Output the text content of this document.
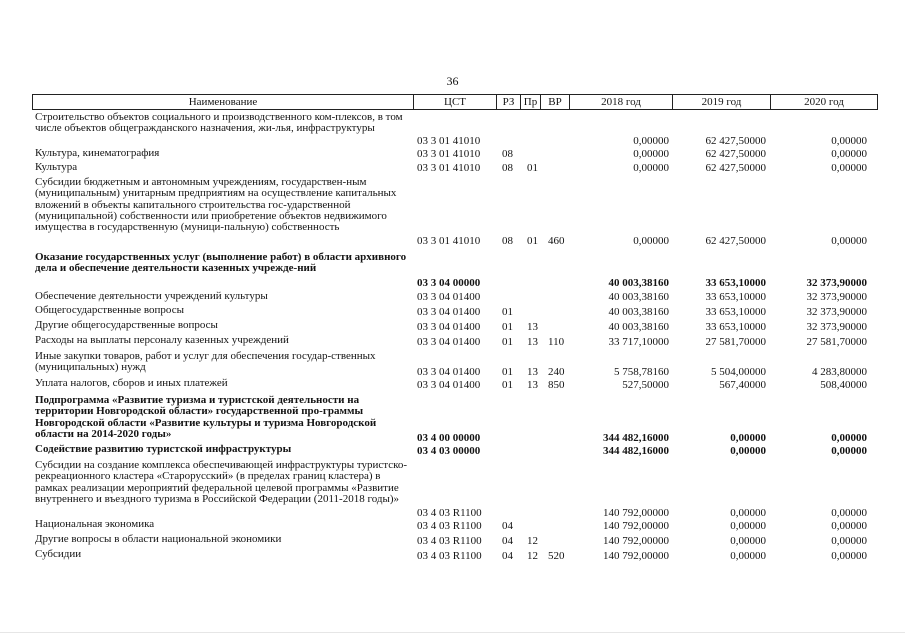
36
Наименование	ЦСТ	РЗ Пр	ВР	2018 год	2019 год	2020 год
Строительство объектов социального и производственного ком-плексов, в том числе объектов общегражданского назначения, жи-лья, инфраструктуры
03 3 01 41010	0,00000	62 427,50000	0,00000
Культура, кинематография	03 3 01 41010 08	0,00000	62 427,50000	0,00000
Культура	03 3 01 41010 08 01	0,00000	62 427,50000	0,00000
Субсидии бюджетным и автономным учреждениям, государствен-ным (муниципальным) унитарным предприятиям на осуществление капитальных вложений в объекты капитального строительства гос-ударственной (муниципальной) собственности или приобретение объектов недвижимого имущества в государственную (муници-пальную) собственность
03 3 01 41010 08 01 460	0,00000	62 427,50000	0,00000
Оказание государственных услуг (выполнение работ) в области архивного дела и обеспечение деятельности казенных учрежде-ний
03 3 04 00000	40 003,38160	33 653,10000	32 373,90000
Обеспечение деятельности учреждений культуры	03 3 04 01400	40 003,38160	33 653,10000	32 373,90000
Общегосударственные вопросы	03 3 04 01400 01	40 003,38160	33 653,10000	32 373,90000
Другие общегосударственные вопросы	03 3 04 01400 01 13	40 003,38160	33 653,10000	32 373,90000
Расходы на выплаты персоналу казенных учреждений	03 3 04 01400 01 13 110	33 717,10000	27 581,70000	27 581,70000
Иные закупки товаров, работ и услуг для обеспечения государ-ственных (муниципальных) нужд	03 3 04 01400 01 13 240	5 758,78160	5 504,00000	4 283,80000
Уплата налогов, сборов и иных платежей	03 3 04 01400 01 13 850	527,50000	567,40000	508,40000
Подпрограмма «Развитие туризма и туристской деятельности на территории Новгородской области» государственной про-граммы Новгородской области «Развитие культуры и туризма Новгородской области на 2014-2020 годы»	03 4 00 00000	344 482,16000	0,00000	0,00000
Содействие развитию туристской инфраструктуры	03 4 03 00000	344 482,16000	0,00000	0,00000
Субсидии на создание комплекса обеспечивающей инфраструктуры туристско-рекреационного кластера «Старорусский» (в пределах границ кластера) в рамках реализации мероприятий федеральной целевой программы «Развитие внутреннего и въездного туризма в Российской Федерации (2011-2018 годы)»
03 4 03 R1100	140 792,00000	0,00000	0,00000
Национальная экономика	03 4 03 R1100 04	140 792,00000	0,00000	0,00000
Другие вопросы в области национальной экономики	03 4 03 R1100 04 12	140 792,00000	0,00000	0,00000
Субсидии	03 4 03 R1100 04 12 520	140 792,00000	0,00000	0,00000
